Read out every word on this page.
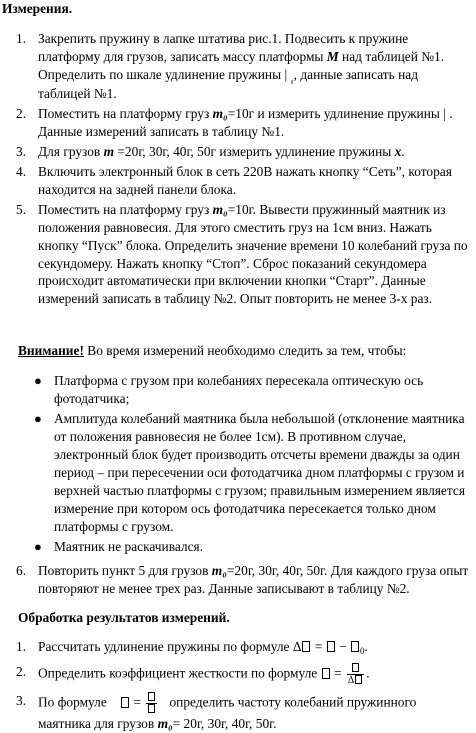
Измерения.
1. Закрепить пружину в лапке штатива рис.1. Подвесить к пружине платформу для грузов, записать массу платформы M над таблицей №1. Определить по шкале удлинение пружины | $_{_0}$, данные записать над таблицей №1.
2. Поместить на платформу груз m₀=10г и измерить удлинение пружины | . Данные измерений записать в таблицу №1.
3. Для грузов m =20г, 30г, 40г, 50г измерить удлинение пружины x.
4. Включить электронный блок в сеть 220В нажать кнопку “Сеть”, которая находится на задней панели блока.
5. Поместить на платформу груз m₀=10г. Вывести пружинный маятник из положения равновесия. Для этого сместить груз на 1см вниз. Нажать кнопку “Пуск” блока. Определить значение времени 10 колебаний груза по секундомеру. Нажать кнопку “Стоп”. Сброс показаний секундомера происходит автоматически при включении кнопки “Старт”. Данные измерений записать в таблицу №2. Опыт повторить не менее 3-х раз.
Внимание! Во время измерений необходимо следить за тем, чтобы:
● Платформа с грузом при колебаниях пересекала оптическую ось фотодатчика;
● Амплитуда колебаний маятника была небольшой (отклонение маятника от положения равновесия не более 1см). В противном случае, электронный блок будет производить отсчеты времени дважды за один период – при пересечении оси фотодатчика дном платформы с грузом и верхней частью платформы с грузом; правильным измерением является измерение при котором ось фотодатчика пересекается только дном платформы с грузом.
● Маятник не раскачивался.
6. Повторить пункт 5 для грузов m₀=20г, 30г, 40г, 50г. Для каждого груза опыт повторяют не менее трех раз. Данные записывают в таблицу №2.
Обработка результатов измерений.
1. Рассчитать удлинение пружины по формуле Δ =  − $_0$.
2. Определить коэффициент жесткости по формуле  = Δ .
3. По формуле     =
определить частоту колебаний пружинного маятника для грузов m₀= 20г, 30г, 40г, 50г.
